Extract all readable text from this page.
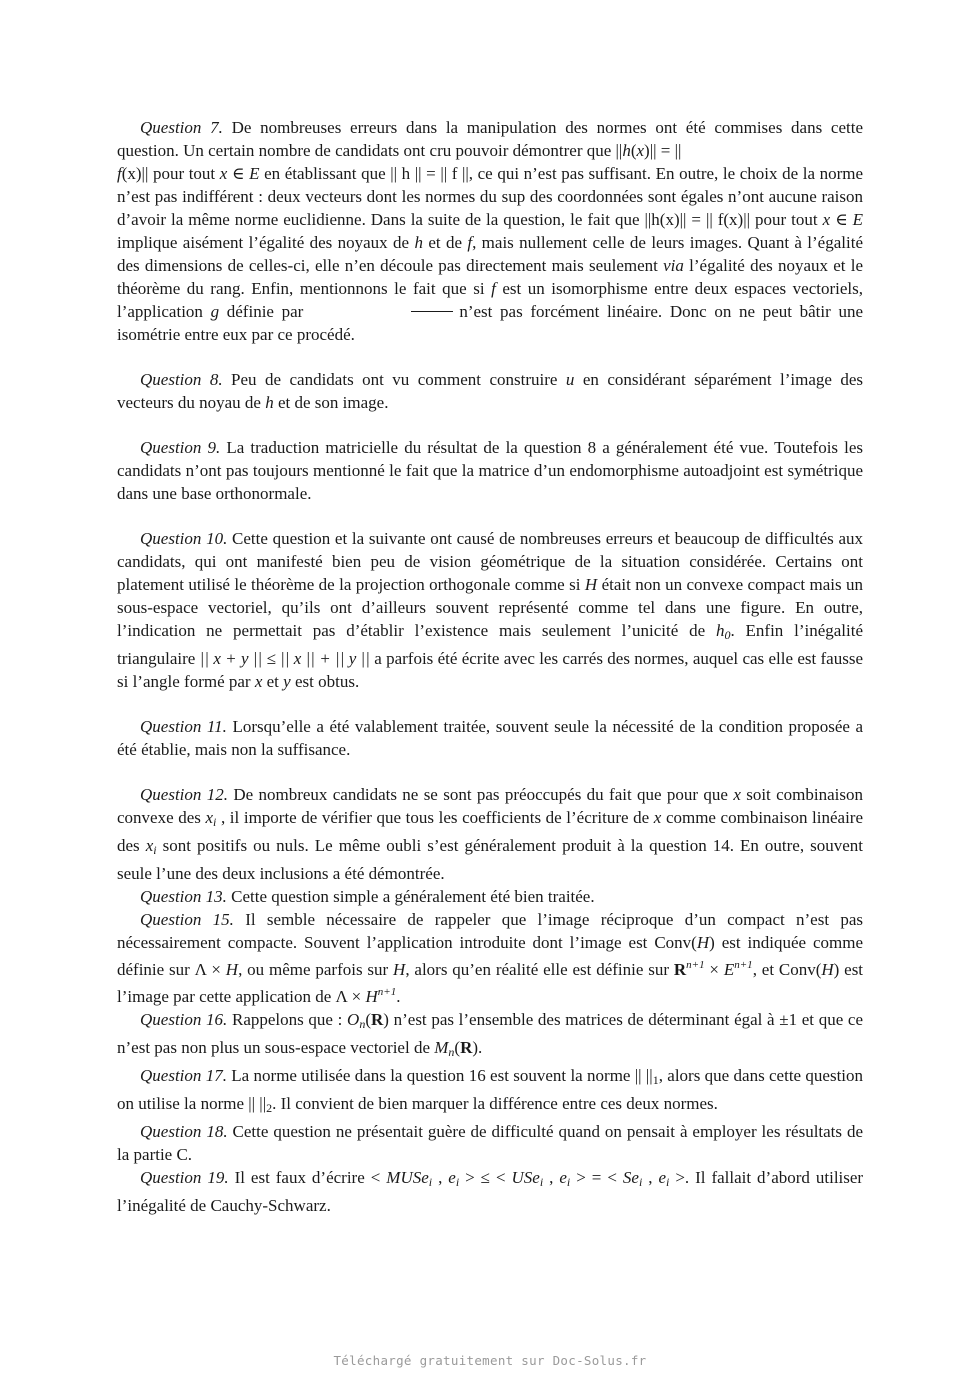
Question 7. De nombreuses erreurs dans la manipulation des normes ont été commises dans cette question. Un certain nombre de candidats ont cru pouvoir démontrer que ||h(x)|| = ||
f(x)|| pour tout x ∈ E en établissant que || h || = || f ||, ce qui n’est pas suffisant. En outre, le choix de la norme n’est pas indifférent : deux vecteurs dont les normes du sup des coordonnées sont égales n’ont aucune raison d’avoir la même norme euclidienne. Dans la suite de la question, le fait que ||h(x)|| = || f(x)|| pour tout x ∈ E implique aisément l’égalité des noyaux de h et de f, mais nullement celle de leurs images. Quant à l’égalité des dimensions de celles-ci, elle n’en découle pas directement mais seulement via l’égalité des noyaux et le théorème du rang. Enfin, mentionnons le fait que si f est un isomorphisme entre deux espaces vectoriels, l’application g définie par	n’est pas forcément linéaire. Donc on ne peut bâtir une isométrie entre eux par ce procédé.

Question 8. Peu de candidats ont vu comment construire u en considérant séparément l’image des vecteurs du noyau de h et de son image.

Question 9. La traduction matricielle du résultat de la question 8 a généralement été vue. Toutefois les candidats n’ont pas toujours mentionné le fait que la matrice d’un endomorphisme autoadjoint est symétrique dans une base orthonormale.

Question 10. Cette question et la suivante ont causé de nombreuses erreurs et beaucoup de difficultés aux candidats, qui ont manifesté bien peu de vision géométrique de la situation considérée. Certains ont platement utilisé le théorème de la projection orthogonale comme si H était non un convexe compact mais un sous-espace vectoriel, qu’ils ont d’ailleurs souvent représenté comme tel dans une figure. En outre, l’indication ne permettait pas d’établir l’existence mais seulement l’unicité de $h_0$. Enfin l’inégalité triangulaire || x + y || ≤ || x || + || y || a parfois été écrite avec les carrés des normes, auquel cas elle est fausse si l’angle formé par x et y est obtus.

Question 11. Lorsqu’elle a été valablement traitée, souvent seule la nécessité de la condition proposée a été établie, mais non la suffisance.

Question 12. De nombreux candidats ne se sont pas préoccupés du fait que pour que x soit combinaison convexe des $x_i$ , il importe de vérifier que tous les coefficients de l’écriture de x comme combinaison linéaire des $x_i$ sont positifs ou nuls. Le même oubli s’est généralement produit à la question 14. En outre, souvent seule l’une des deux inclusions a été démontrée.

Question 13. Cette question simple a généralement été bien traitée.

Question 15. Il semble nécessaire de rappeler que l’image réciproque d’un compact n’est pas nécessairement compacte. Souvent l’application introduite dont l’image est Conv(H) est indiquée comme définie sur Λ × H, ou même parfois sur H, alors qu’en réalité elle est définie sur $R^{n+1} \times E^{n+1}$, et Conv(H) est l’image par cette application de $\Lambda \times H^{n+1}$.

Question 16. Rappelons que : $O_n(R)$ n’est pas l’ensemble des matrices de déterminant égal à ±1 et que ce n’est pas non plus un sous-espace vectoriel de $M_n(R)$.

Question 17. La norme utilisée dans la question 16 est souvent la norme || $||_1$, alors que dans cette question on utilise la norme || $||_2$. Il convient de bien marquer la différence entre ces deux normes.

Question 18. Cette question ne présentait guère de difficulté quand on pensait à employer les résultats de la partie C.

Question 19. Il est faux d’écrire < MUSe$_i$ , $e_i$ > ≤ < USe$_i$ , $e_i$ > = < $Se_i$ , $e_i$ >. Il fallait d’abord utiliser l’inégalité de Cauchy-Schwarz.

Téléchargé gratuitement sur Doc-Solus.fr
